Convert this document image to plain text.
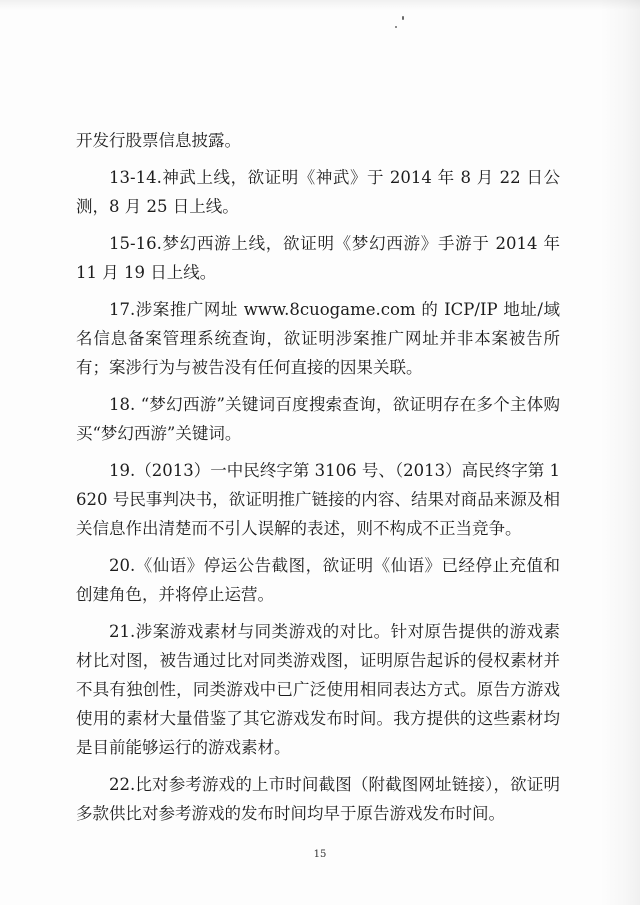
开发行股票信息披露。

13-14.神武上线，欲证明《神武》于 2014 年 8 月 22 日公测，8 月 25 日上线。

15-16.梦幻西游上线，欲证明《梦幻西游》手游于 2014 年 11 月 19 日上线。

17.涉案推广网址 www.8cuogame.com 的 ICP/IP 地址/域名信息备案管理系统查询，欲证明涉案推广网址并非本案被告所有；案涉行为与被告没有任何直接的因果关联。

18. “梦幻西游”关键词百度搜索查询，欲证明存在多个主体购买“梦幻西游”关键词。

19.（2013）一中民终字第 3106 号、（2013）高民终字第 1620 号民事判决书，欲证明推广链接的内容、结果对商品来源及相关信息作出清楚而不引人误解的表述，则不构成不正当竞争。

20.《仙语》停运公告截图，欲证明《仙语》已经停止充值和创建角色，并将停止运营。

21.涉案游戏素材与同类游戏的对比。针对原告提供的游戏素材比对图，被告通过比对同类游戏图，证明原告起诉的侵权素材并不具有独创性，同类游戏中已广泛使用相同表达方式。原告方游戏使用的素材大量借鉴了其它游戏发布时间。我方提供的这些素材均是目前能够运行的游戏素材。

22.比对参考游戏的上市时间截图（附截图网址链接），欲证明多款供比对参考游戏的发布时间均早于原告游戏发布时间。

15
